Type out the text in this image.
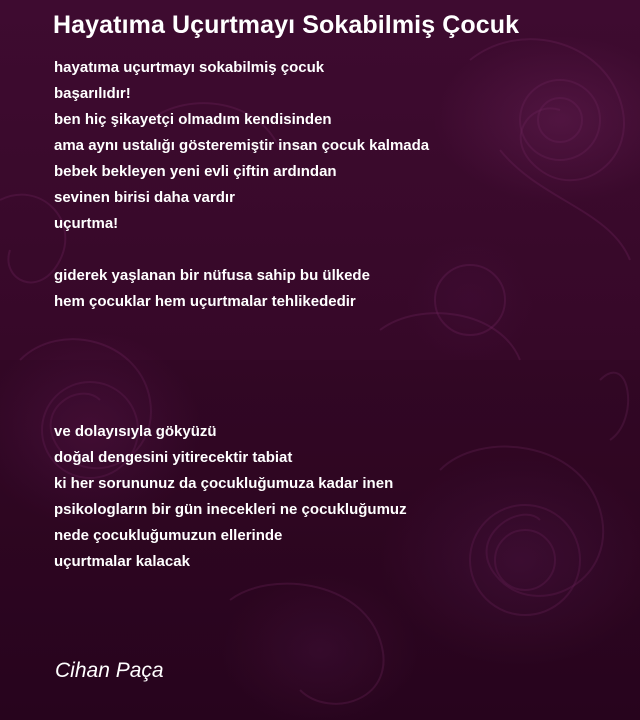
Hayatıma Uçurtmayı Sokabilmiş Çocuk
hayatıma uçurtmayı sokabilmiş çocuk
başarılıdır!
ben hiç şikayetçi olmadım kendisinden
ama aynı ustalığı gösteremiştir insan çocuk kalmada
bebek bekleyen yeni evli çiftin ardından
sevinen birisi daha vardır
uçurtma!
giderek yaşlanan bir nüfusa sahip bu ülkede
hem çocuklar hem uçurtmalar tehlikededir
ve dolayısıyla gökyüzü
doğal dengesini yitirecektir tabiat
ki her sorununuz da çocukluğumuza kadar inen
psikologların bir gün inecekleri ne çocukluğumuz
nede çocukluğumuzun ellerinde
uçurtmalar kalacak
Cihan Paça
